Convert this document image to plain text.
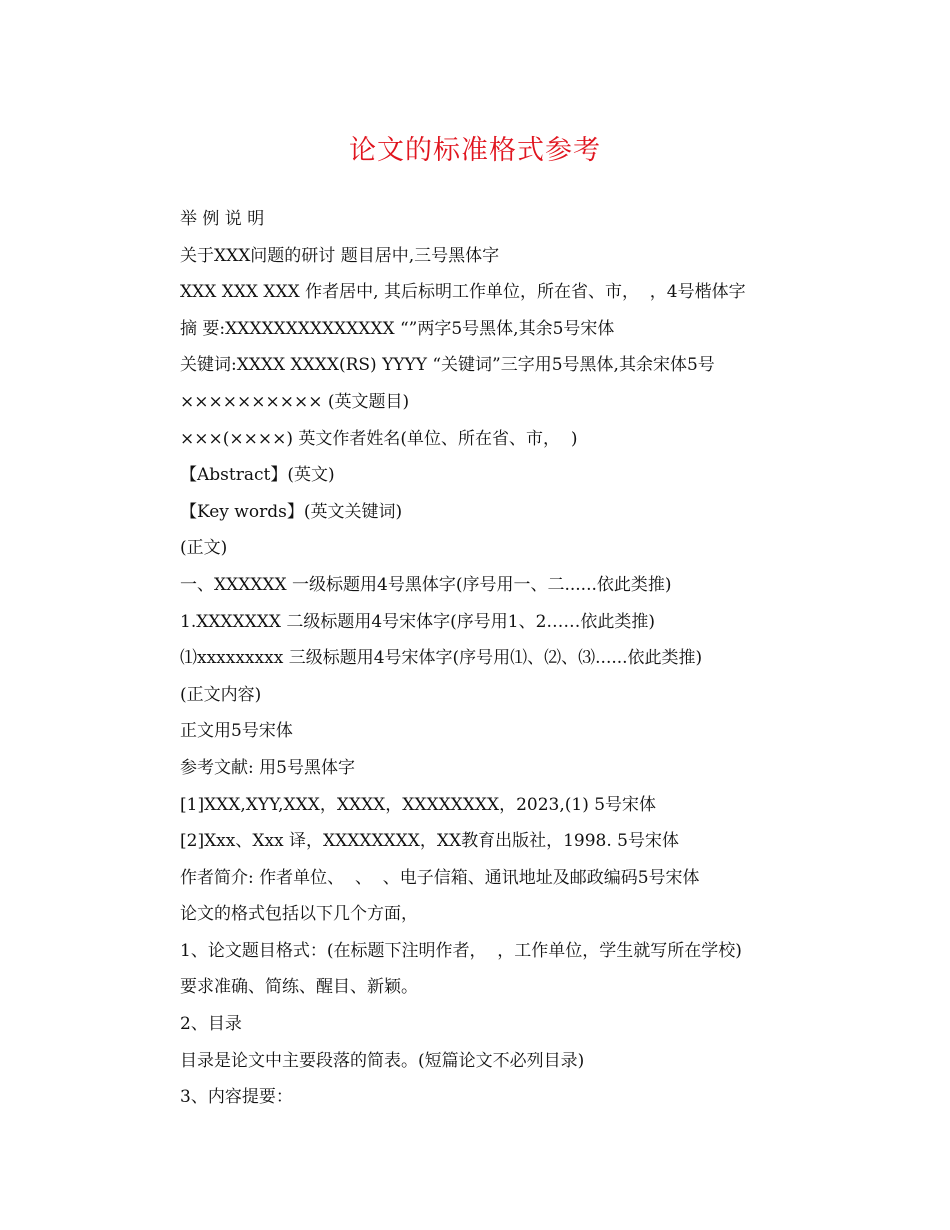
论文的标准格式参考

举 例 说 明

关于XXX问题的研讨 题目居中,三号黑体字

XXX XXX XXX 作者居中, 其后标明工作单位，所在省、市，  ，4号楷体字

摘 要:XXXXXXXXXXXXXX “”两字5号黑体,其余5号宋体

关键词:XXXX XXXX(RS) YYYY “关键词”三字用5号黑体,其余宋体5号

×××××××××× (英文题目)

×××(××××) 英文作者姓名(单位、所在省、市，  )

【Abstract】(英文)

【Key words】(英文关键词)

(正文)

一、XXXXXX 一级标题用4号黑体字(序号用一、二......依此类推)

1.XXXXXXX 二级标题用4号宋体字(序号用1、2……依此类推)

⑴xxxxxxxxx 三级标题用4号宋体字(序号用⑴、⑵、⑶......依此类推)

(正文内容)

正文用5号宋体

参考文献: 用5号黑体字

[1]XXX,XYY,XXX，XXXX，XXXXXXXX，2023,(1) 5号宋体

[2]Xxx、Xxx 译，XXXXXXXX，XX教育出版社，1998. 5号宋体

作者简介: 作者单位、  、  、电子信箱、通讯地址及邮政编码5号宋体

论文的格式包括以下几个方面，

1、论文题目格式：(在标题下注明作者，  ，工作单位，学生就写所在学校)

要求准确、简练、醒目、新颖。

2、目录

目录是论文中主要段落的简表。(短篇论文不必列目录)

3、内容提要：
